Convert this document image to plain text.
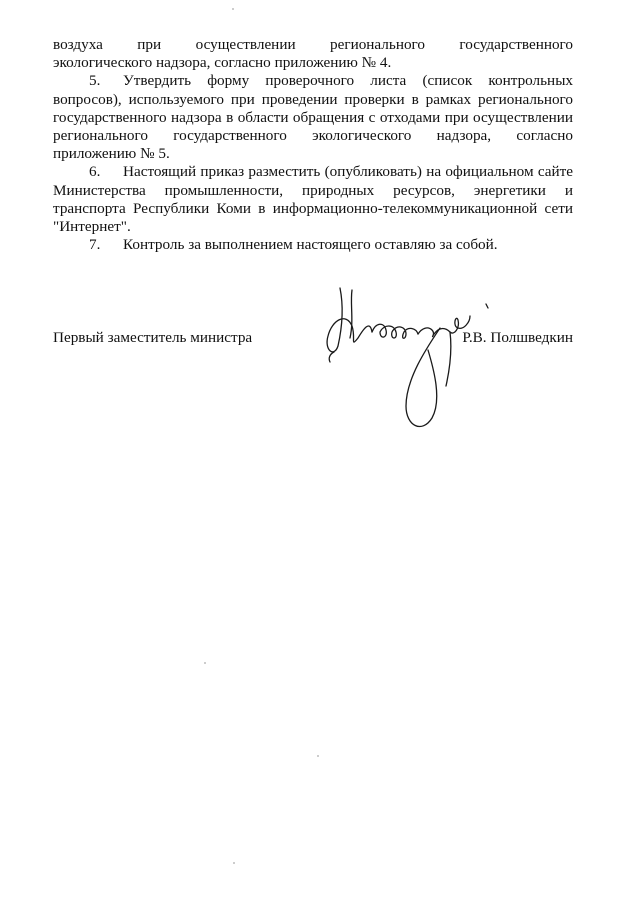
воздуха при осуществлении регионального государственного
экологического надзора, согласно приложению № 4.

5. Утвердить форму проверочного листа (список контрольных вопросов), используемого при проведении проверки в рамках регионального государственного надзора в области обращения с отходами при осуществлении регионального государственного экологического надзора, согласно приложению № 5.

6. Настоящий приказ разместить (опубликовать) на официальном сайте Министерства промышленности, природных ресурсов, энергетики и транспорта Республики Коми в информационно-телекоммуникационной сети "Интернет".

7. Контроль за выполнением настоящего оставляю за собой.

Первый заместитель министра	Р.В. Полшведкин
